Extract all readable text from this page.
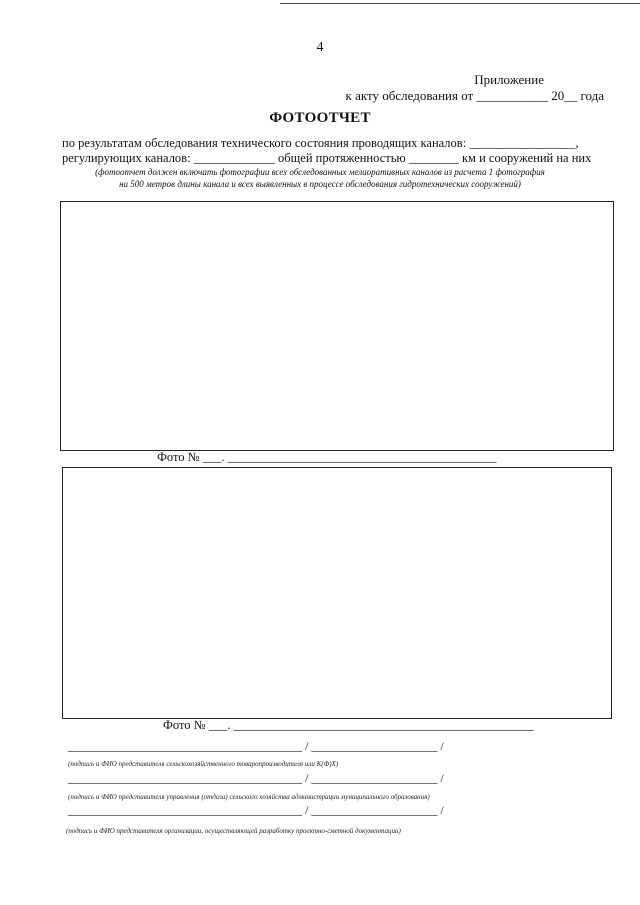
4
Приложение
к акту обследования от ___________ 20__ года
ФОТООТЧЕТ
по результатам обследования технического состояния проводящих каналов: _________________,
регулирующих каналов: _____________ общей протяженностью ________ км и сооружений на них
(фотоотчет должен включать фотографии всех обследованных мелиоративных каналов из расчета 1 фотография
на 500 метров длины канала и всех выявленных в процессе обследования гидротехнических сооружений)
Фото № ___. ___________________________________________
Фото № ___. ________________________________________________
_______________________________________ / _____________________ /
(подпись и ФИО представителя сельскохозяйственного товаропроизводителя или К(Ф)Х)
_______________________________________ / _____________________ /
(подпись и ФИО представителя управления (отдела) сельского хозяйства администрации муниципального образования)
_______________________________________ / _____________________ /
(подпись и ФИО представителя организации, осуществляющей разработку проектно-сметной документации)
